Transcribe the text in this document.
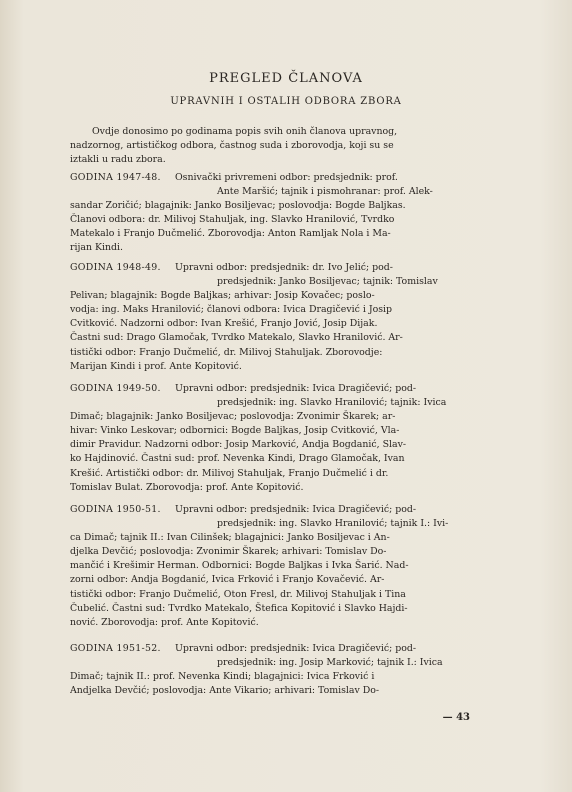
PREGLED ČLANOVA
UPRAVNIH I OSTALIH ODBORA ZBORA
Ovdje donosimo po godinama popis svih onih članova upravnog,
nadzornog, artističkog odbora, častnog suda i zborovodja, koji su se
iztakli u radu zbora.
GODINA 1947-48. Osnivački privremeni odbor: predsjednik: prof.
Ante Maršić; tajnik i pismohranar: prof. Alek-
sandar Zoričić; blagajnik: Janko Bosiljevac; poslovodja: Bogde Baljkas.
Članovi odbora: dr. Milivoj Stahuljak, ing. Slavko Hranilović, Tvrdko
Matekalo i Franjo Dučmelić. Zborovodja: Anton Ramljak Nola i Ma-
rijan Kindi.
GODINA 1948-49. Upravni odbor: predsjednik: dr. Ivo Jelić; pod-
predsjednik: Janko Bosiljevac; tajnik: Tomislav
Pelivan; blagajnik: Bogde Baljkas; arhivar: Josip Kovačec; poslo-
vodja: ing. Maks Hranilović; članovi odbora: Ivica Dragičević i Josip
Cvitković. Nadzorni odbor: Ivan Krešić, Franjo Jović, Josip Dijak.
Častni sud: Drago Glamočak, Tvrdko Matekalo, Slavko Hranilović. Ar-
tistički odbor: Franjo Dučmelić, dr. Milivoj Stahuljak. Zborovodje:
Marijan Kindi i prof. Ante Kopitović.
GODINA 1949-50. Upravni odbor: predsjednik: Ivica Dragičević; pod-
predsjednik: ing. Slavko Hranilović; tajnik: Ivica
Dimač; blagajnik: Janko Bosiljevac; poslovodja: Zvonimir Škarek; ar-
hivar: Vinko Leskovar; odbornici: Bogde Baljkas, Josip Cvitković, Vla-
dimir Pravidur. Nadzorni odbor: Josip Marković, Andja Bogdanić, Slav-
ko Hajdinović. Častni sud: prof. Nevenka Kindi, Drago Glamočak, Ivan
Krešić. Artistički odbor: dr. Milivoj Stahuljak, Franjo Dučmelić i dr.
Tomislav Bulat. Zborovodja: prof. Ante Kopitović.
GODINA 1950-51. Upravni odbor: predsjednik: Ivica Dragičević; pod-
predsjednik: ing. Slavko Hranilović; tajnik I.: Ivi-
ca Dimač; tajnik II.: Ivan Cilinšek; blagajnici: Janko Bosiljevac i An-
djelka Devčić; poslovodja: Zvonimir Škarek; arhivari: Tomislav Do-
mančić i Krešimir Herman. Odbornici: Bogde Baljkas i Ivka Šarić. Nad-
zorni odbor: Andja Bogdanić, Ivica Frković i Franjo Kovačević. Ar-
tistički odbor: Franjo Dučmelić, Oton Fresl, dr. Milivoj Stahuljak i Tina
Čubelić. Častni sud: Tvrdko Matekalo, Štefica Kopitović i Slavko Hajdi-
nović. Zborovodja: prof. Ante Kopitović.
GODINA 1951-52. Upravni odbor: predsjednik: Ivica Dragičević; pod-
predsjednik: ing. Josip Marković; tajnik I.: Ivica
Dimač; tajnik II.: prof. Nevenka Kindi; blagajnici: Ivica Frković i
Andjelka Devčić; poslovodja: Ante Vikario; arhivari: Tomislav Do-
— 43
